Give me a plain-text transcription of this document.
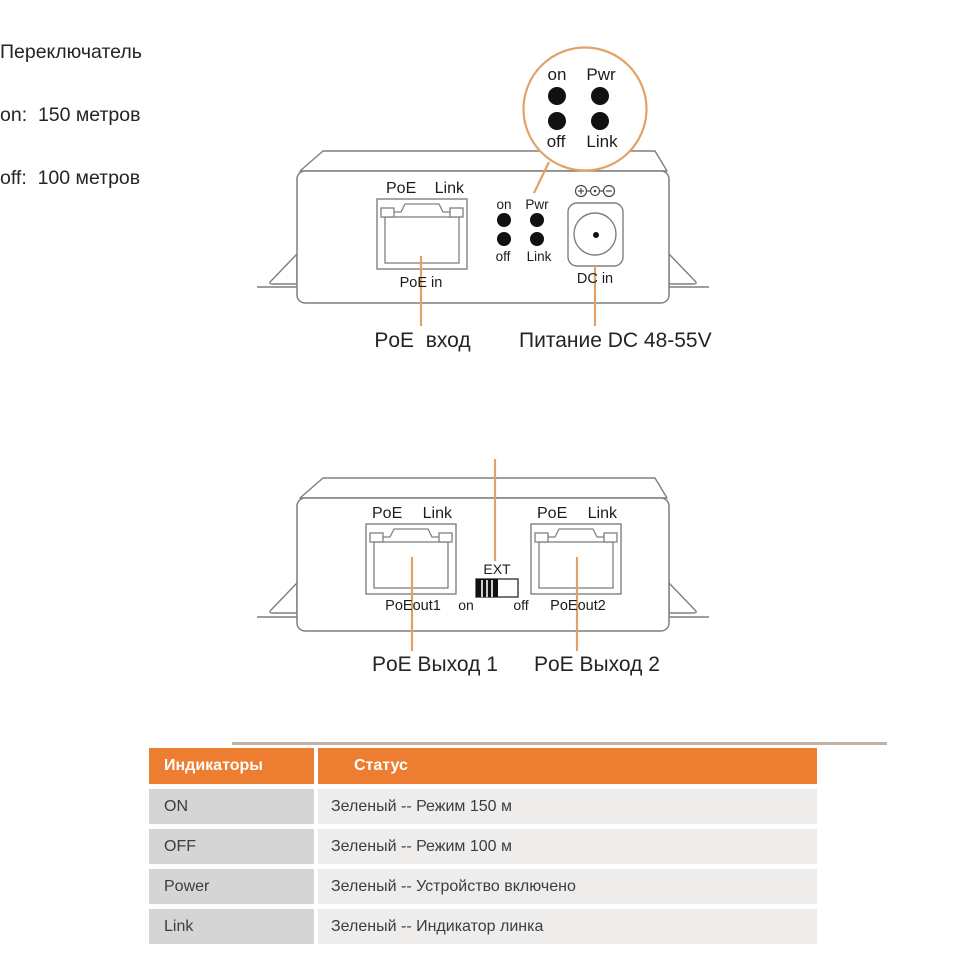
PoE Link
on Pwr
off Link
PoE in	DC in
on Pwr
off Link
PoE Link	PoE Link
EXT
PoEout1	PoEout2
on	off
PoE  вход	Питание DC 48-55V

Переключатель

on:  150 метров

off:  100 метров

PoE Выход 1 PoE Выход 2
Индикаторы	Статус
ON	Зеленый -- Режим 150 м
OFF	Зеленый -- Режим 100 м
Power	Зеленый -- Устройство включено
Link	Зеленый -- Индикатор линка
